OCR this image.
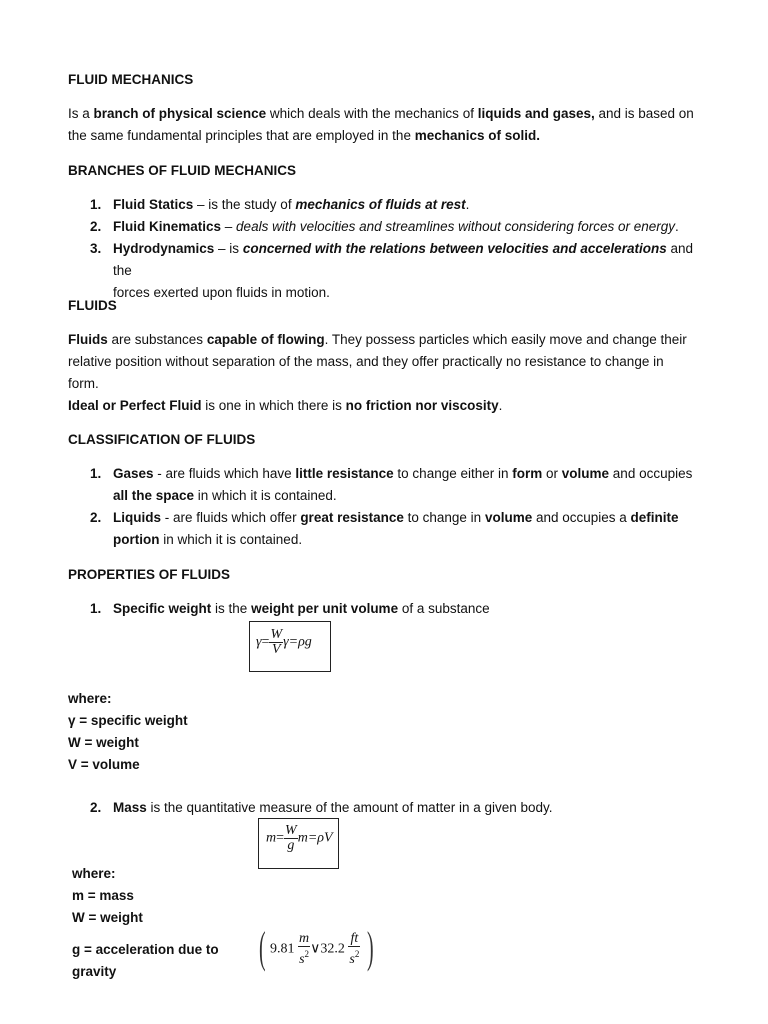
FLUID MECHANICS
Is a branch of physical science which deals with the mechanics of liquids and gases, and is based on
the same fundamental principles that are employed in the mechanics of solid.
BRANCHES OF FLUID MECHANICS
1. Fluid Statics – is the study of mechanics of fluids at rest.
2. Fluid Kinematics – deals with velocities and streamlines without considering forces or energy.
3. Hydrodynamics – is concerned with the relations between velocities and accelerations and the
forces exerted upon fluids in motion.
FLUIDS
Fluids are substances capable of flowing. They possess particles which easily move and change their
relative position without separation of the mass, and they offer practically no resistance to change in
form.
Ideal or Perfect Fluid is one in which there is no friction nor viscosity.
CLASSIFICATION OF FLUIDS
1. Gases - are fluids which have little resistance to change either in form or volume and occupies
all the space in which it is contained.
2. Liquids - are fluids which offer great resistance to change in volume and occupies a definite
portion in which it is contained.
PROPERTIES OF FLUIDS
1. Specific weight is the weight per unit volume of a substance
$\gamma= \frac{W}{V} \gamma=\rho g$
where:
γ = specific weight
W = weight
V = volume
2. Mass is the quantitative measure of the amount of matter in a given body.
$m= \frac{W}{g} m=\rho V$
where:
m = mass
W = weight
g = acceleration due to gravity	( $9.81 \frac{m}{s^2}$ ∨32.2 $\frac{ft}{s^2}$ )
